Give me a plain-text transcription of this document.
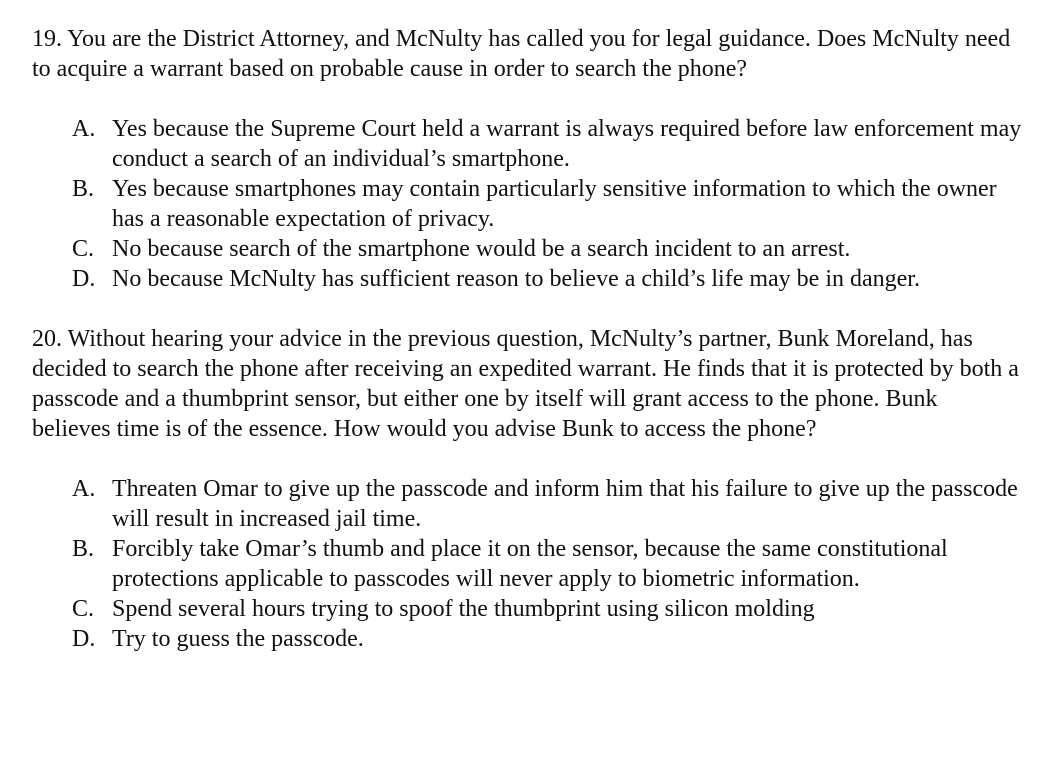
19. You are the District Attorney, and McNulty has called you for legal guidance. Does McNulty need to acquire a warrant based on probable cause in order to search the phone?

A. Yes because the Supreme Court held a warrant is always required before law enforcement may conduct a search of an individual’s smartphone.
B. Yes because smartphones may contain particularly sensitive information to which the owner has a reasonable expectation of privacy.
C. No because search of the smartphone would be a search incident to an arrest.
D. No because McNulty has sufficient reason to believe a child’s life may be in danger.

20. Without hearing your advice in the previous question, McNulty’s partner, Bunk Moreland, has decided to search the phone after receiving an expedited warrant. He finds that it is protected by both a passcode and a thumbprint sensor, but either one by itself will grant access to the phone. Bunk believes time is of the essence. How would you advise Bunk to access the phone?

A. Threaten Omar to give up the passcode and inform him that his failure to give up the passcode will result in increased jail time.
B. Forcibly take Omar’s thumb and place it on the sensor, because the same constitutional protections applicable to passcodes will never apply to biometric information.
C. Spend several hours trying to spoof the thumbprint using silicon molding
D. Try to guess the passcode.
